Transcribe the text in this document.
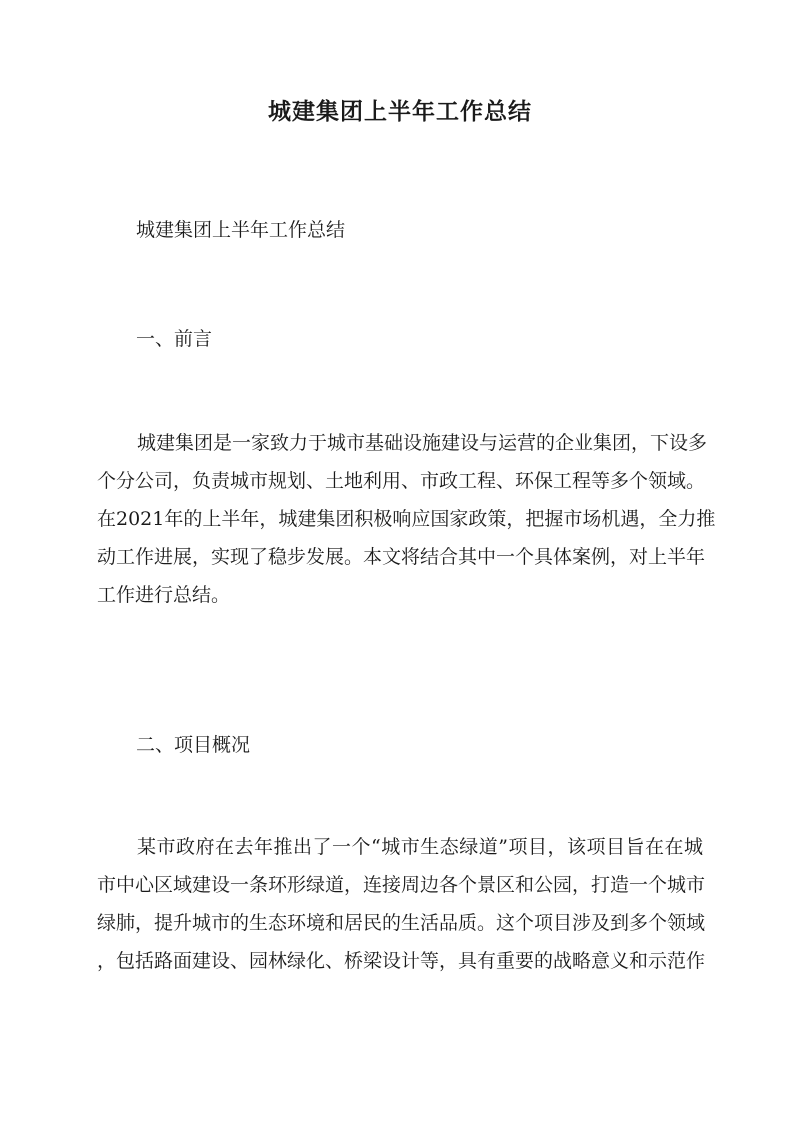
城建集团上半年工作总结
城建集团上半年工作总结
一、前言
城建集团是一家致力于城市基础设施建设与运营的企业集团，下设多
个分公司，负责城市规划、土地利用、市政工程、环保工程等多个领域。
在2021年的上半年，城建集团积极响应国家政策，把握市场机遇，全力推
动工作进展，实现了稳步发展。本文将结合其中一个具体案例，对上半年
工作进行总结。
二、项目概况
某市政府在去年推出了一个“城市生态绿道”项目，该项目旨在在城
市中心区域建设一条环形绿道，连接周边各个景区和公园，打造一个城市
绿肺，提升城市的生态环境和居民的生活品质。这个项目涉及到多个领域
，包括路面建设、园林绿化、桥梁设计等，具有重要的战略意义和示范作
